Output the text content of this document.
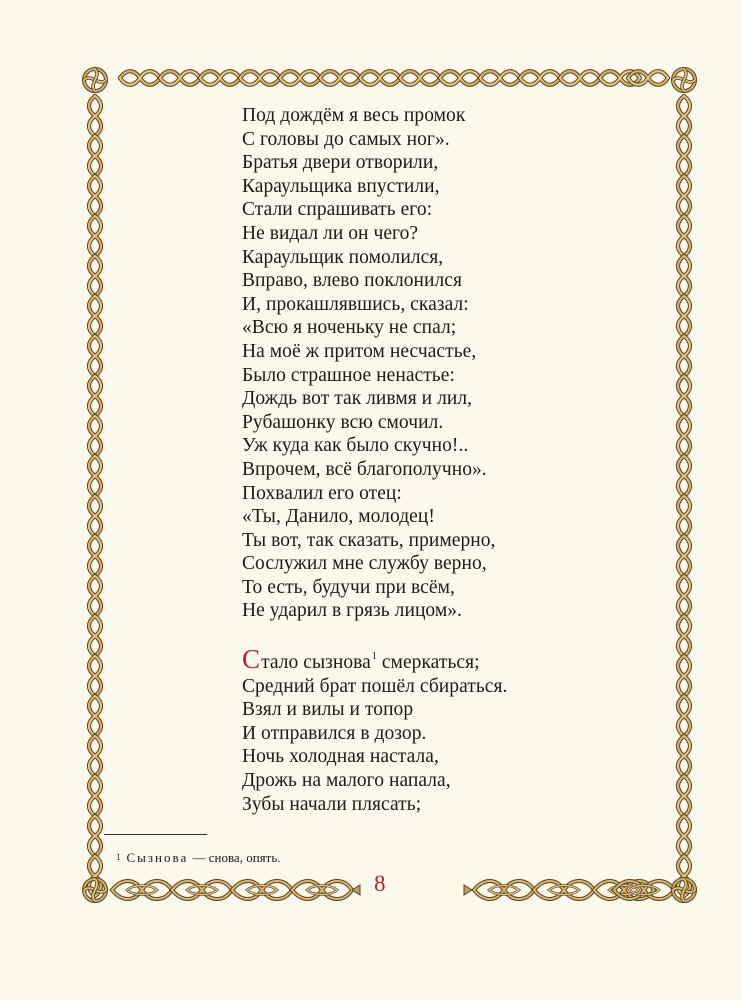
Под дождём я весь промок
С головы до самых ног».
Братья двери отворили,
Караульщика впустили,
Стали спрашивать его:
Не видал ли он чего?
Караульщик помолился,
Вправо, влево поклонился
И, прокашлявшись, сказал:
«Всю я ноченьку не спал;
На моё ж притом несчастье,
Было страшное ненастье:
Дождь вот так ливмя и лил,
Рубашонку всю смочил.
Уж куда как было скучно!..
Впрочем, всё благополучно».
Похвалил его отец:
«Ты, Данило, молодец!
Ты вот, так сказать, примерно,
Сослужил мне службу верно,
То есть, будучи при всём,
Не ударил в грязь лицом».

Стало сызнова$^1$ смеркаться;
Средний брат пошёл сбираться.
Взял и вилы и топор
И отправился в дозор.
Ночь холодная настала,
Дрожь на малого напала,
Зубы начали плясать;

$^1$ Сызнова — снова, опять.
8
